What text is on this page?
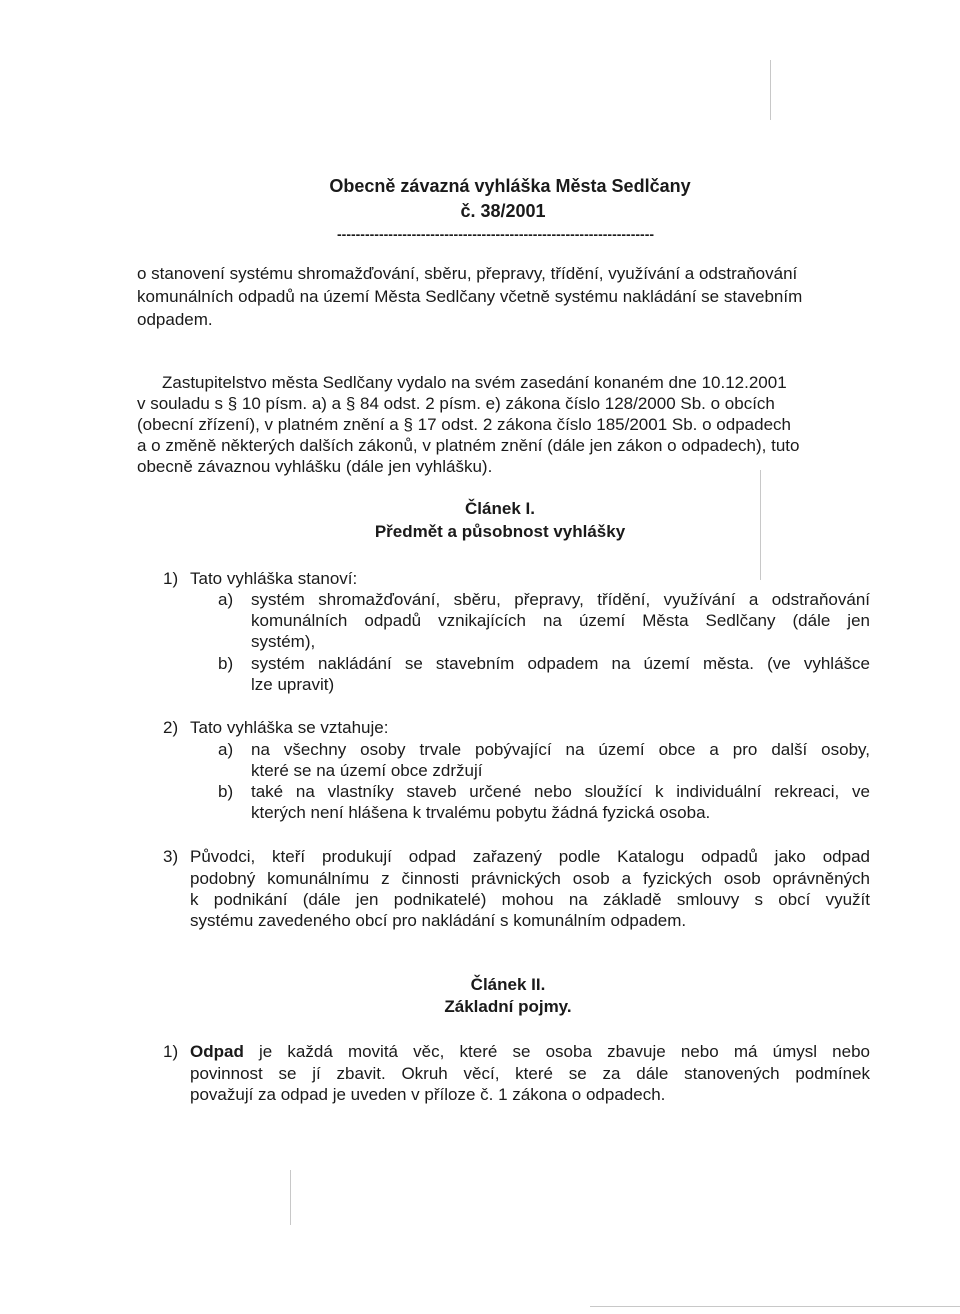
Obecně závazná vyhláška Města Sedlčany
č. 38/2001
--------------------------------------------------------------------
o stanovení systému shromažďování, sběru, přepravy, třídění, využívání a odstraňování
komunálních odpadů na území Města Sedlčany včetně systému nakládání se stavebním
odpadem.
Zastupitelstvo města Sedlčany vydalo na svém zasedání konaném dne 10.12.2001
v souladu s § 10 písm. a) a § 84 odst. 2 písm. e) zákona číslo 128/2000 Sb. o obcích
(obecní zřízení), v platném znění a § 17 odst. 2 zákona číslo 185/2001 Sb. o odpadech
a o změně některých dalších zákonů, v platném znění (dále jen zákon o odpadech), tuto
obecně závaznou vyhlášku (dále jen vyhlášku).
Článek I.
Předmět a působnost vyhlášky
1) Tato vyhláška stanoví:
a) systém shromažďování, sběru, přepravy, třídění, využívání a odstraňování
komunálních odpadů vznikajících na území Města Sedlčany (dále jen
systém),
b) systém nakládání se stavebním odpadem na území města. (ve vyhlášce
lze upravit)
2) Tato vyhláška se vztahuje:
a) na všechny osoby trvale pobývající na území obce a pro další osoby,
které se na území obce zdržují
b) také na vlastníky staveb určené nebo sloužící k individuální rekreaci, ve
kterých není hlášena k trvalému pobytu žádná fyzická osoba.
3) Původci, kteří produkují odpad zařazený podle Katalogu odpadů jako odpad
podobný komunálnímu z činnosti právnických osob a fyzických osob oprávněných
k podnikání (dále jen podnikatelé) mohou na základě smlouvy s obcí využít
systému zavedeného obcí pro nakládání s komunálním odpadem.
Článek II.
Základní pojmy.
1) Odpad je každá movitá věc, které se osoba zbavuje nebo má úmysl nebo
povinnost se jí zbavit. Okruh věcí, které se za dále stanovených podmínek
považují za odpad je uveden v příloze č. 1 zákona o odpadech.
